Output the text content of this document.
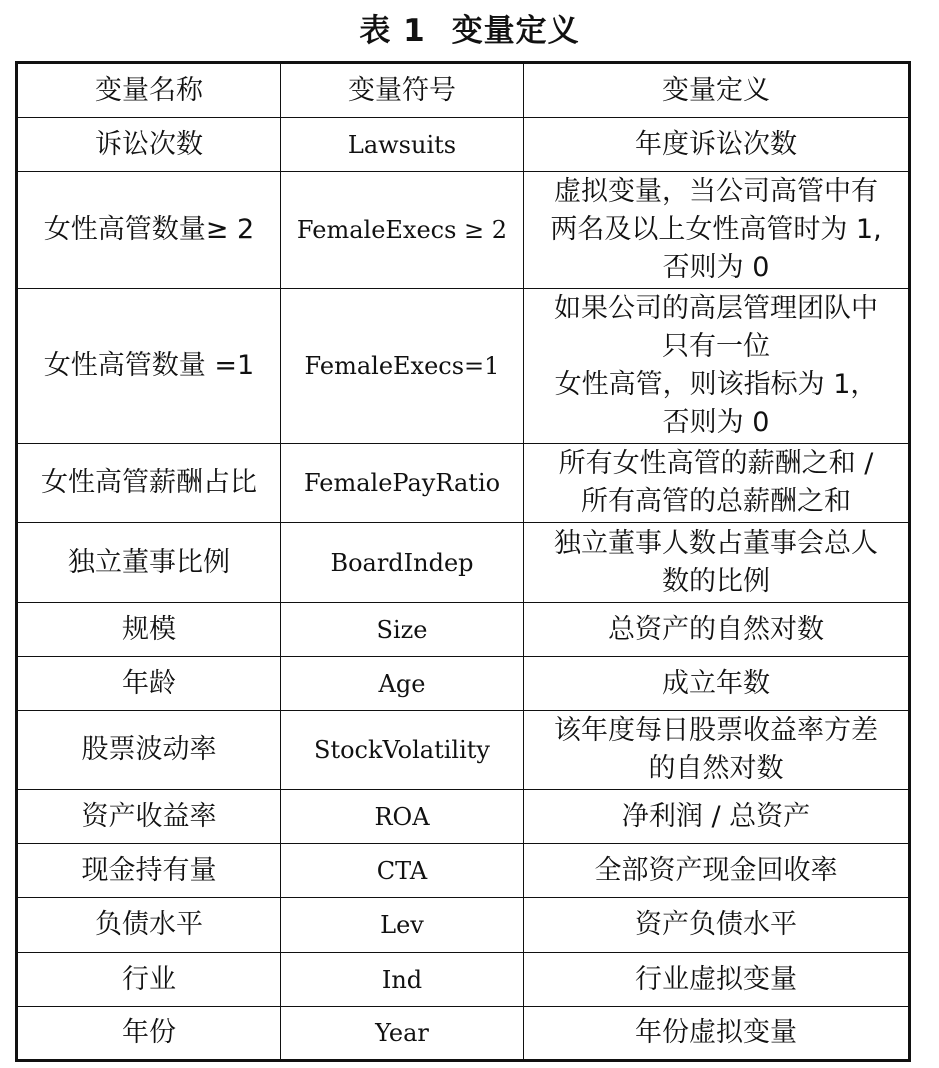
表 1 变量定义
变量名称	变量符号	变量定义
诉讼次数	Lawsuits	年度诉讼次数

女性高管数量≥ 2	FemaleExecs ≥ 2	虚拟变量，当公司高管中有
两名及以上女性高管时为 1,
否则为 0

女性高管数量 =1	FemaleExecs=1	如果公司的高层管理团队中
只有一位
女性高管，则该指标为 1，
否则为 0

女性高管薪酬占比	FemalePayRatio	所有女性高管的薪酬之和 /
所有高管的总薪酬之和

独立董事比例	BoardIndep	独立董事人数占董事会总人
数的比例

规模	Size	总资产的自然对数

年龄	Age	成立年数

股票波动率	StockVolatility	该年度每日股票收益率方差
的自然对数

资产收益率	ROA	净利润 / 总资产

现金持有量	CTA	全部资产现金回收率

负债水平	Lev	资产负债水平

行业	Ind	行业虚拟变量

年份	Year	年份虚拟变量
